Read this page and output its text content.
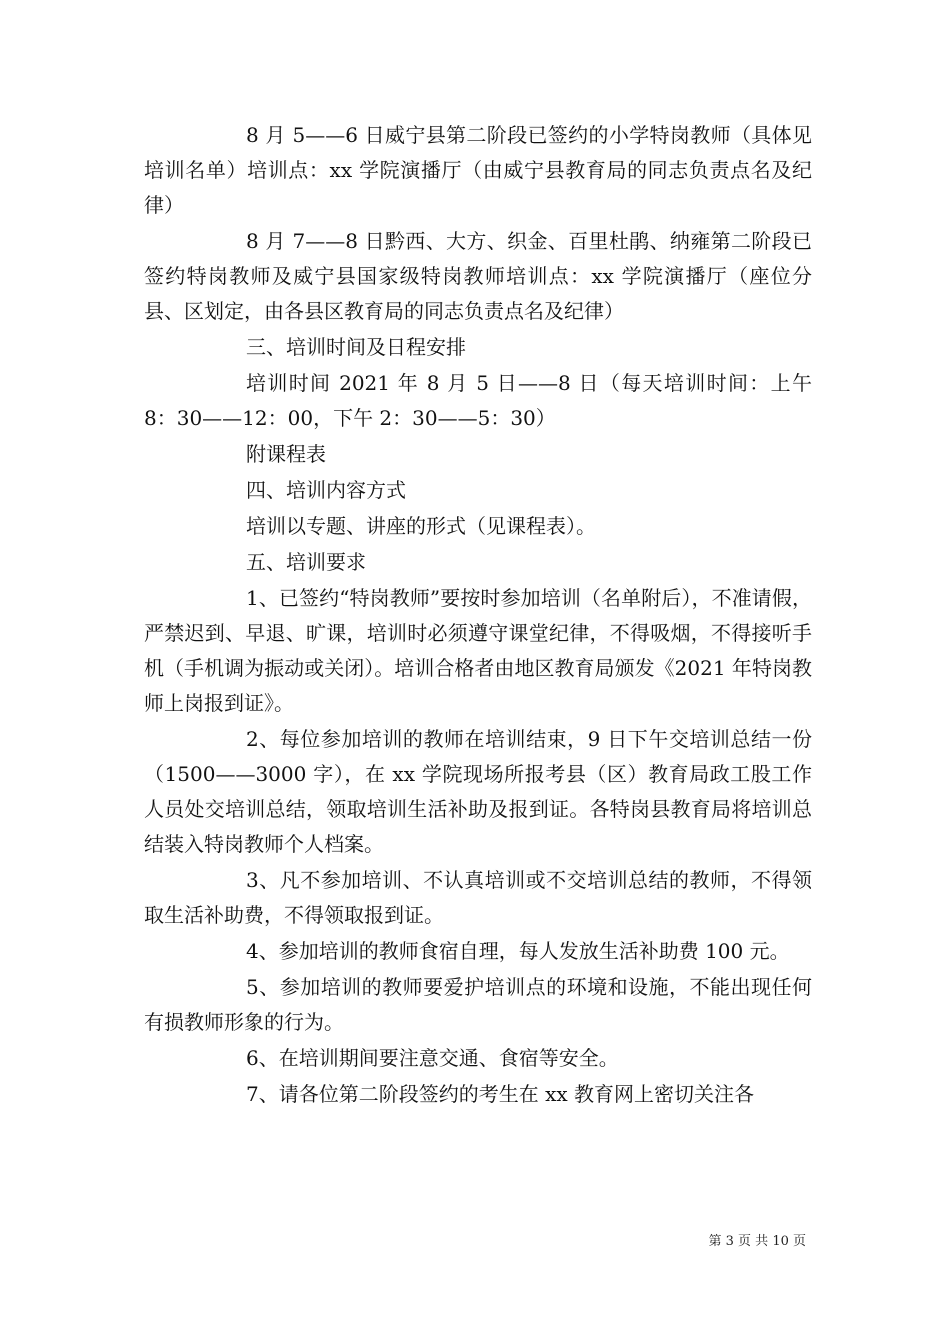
8 月 5——6 日威宁县第二阶段已签约的小学特岗教师（具体见培训名单）培训点：xx 学院演播厅（由威宁县教育局的同志负责点名及纪律）

8 月 7——8 日黔西、大方、织金、百里杜鹃、纳雍第二阶段已签约特岗教师及威宁县国家级特岗教师培训点：xx 学院演播厅（座位分县、区划定，由各县区教育局的同志负责点名及纪律）

三、培训时间及日程安排

培训时间 2021 年 8 月 5 日——8 日（每天培训时间：上午 8：30——12：00，下午 2：30——5：30）

附课程表

四、培训内容方式

培训以专题、讲座的形式（见课程表）。

五、培训要求

1、已签约“特岗教师”要按时参加培训（名单附后），不准请假，严禁迟到、早退、旷课，培训时必须遵守课堂纪律，不得吸烟，不得接听手机（手机调为振动或关闭）。培训合格者由地区教育局颁发《2021 年特岗教师上岗报到证》。

2、每位参加培训的教师在培训结束，9 日下午交培训总结一份（1500——3000 字），在 xx 学院现场所报考县（区）教育局政工股工作人员处交培训总结，领取培训生活补助及报到证。各特岗县教育局将培训总结装入特岗教师个人档案。

3、凡不参加培训、不认真培训或不交培训总结的教师，不得领取生活补助费，不得领取报到证。

4、参加培训的教师食宿自理，每人发放生活补助费 100 元。

5、参加培训的教师要爱护培训点的环境和设施，不能出现任何有损教师形象的行为。

6、在培训期间要注意交通、食宿等安全。

7、请各位第二阶段签约的考生在 xx 教育网上密切关注各

第 3 页 共 10 页
